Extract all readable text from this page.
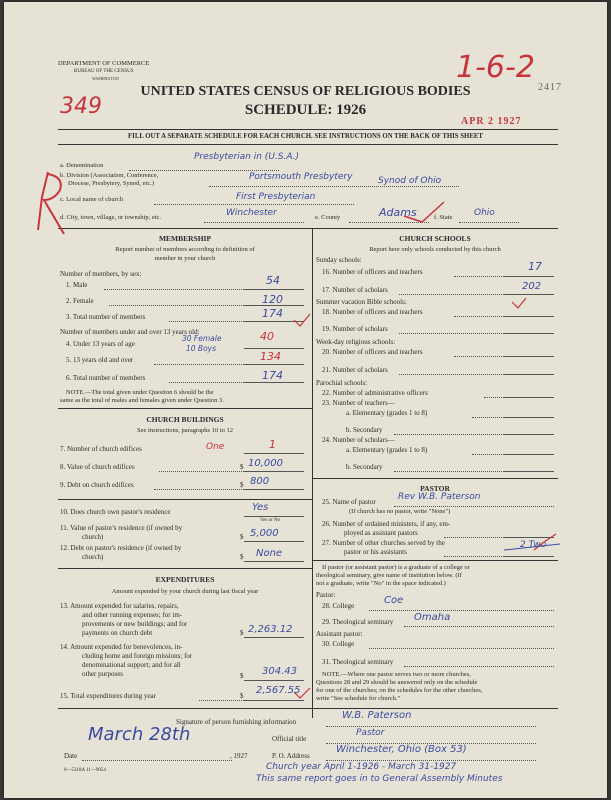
DEPARTMENT OF COMMERCE
BUREAU OF THE CENSUS
WASHINGTON
349
1-6-2
2417
UNITED STATES CENSUS OF RELIGIOUS BODIES
SCHEDULE: 1926
APR 2 1927
FILL OUT A SEPARATE SCHEDULE FOR EACH CHURCH. SEE INSTRUCTIONS ON THE BACK OF THIS SHEET
a. Denomination
Presbyterian in (U.S.A.)
b. Division (Association, Conference,
Diocese, Presbytery, Synod, etc.)
Portsmouth Presbytery	Synod of Ohio
c. Local name of church	First Presbyterian
d. City, town, village, or township, etc.	Winchester	e. County	Adams	f. State Ohio
MEMBERSHIP
Report number of members according to definition of
member in your church
Number of members, by sex:
1. Male	54
2. Female	120
3. Total number of members	174
Number of members under and over 13 years old:
4. Under 13 years of age
30 Female
10 Boys
40
5. 13 years old and over	134
6. Total number of members	174
NOTE.—The total given under Question 6 should be the
same as the total of males and females given under Question 3.
CHURCH BUILDINGS
See instructions, paragraphs 10 to 12
7. Number of church edifices	One	1
8. Value of church edifices	$ 10,000
9. Debt on church edifices	$ 800
10. Does church own pastor's residence	Yes
Yes or No
11. Value of pastor's residence (if owned by
church)	$ 5,000
12. Debt on pastor's residence (if owned by
church)	$ None
EXPENDITURES
Amount expended by your church during last fiscal year
13. Amount expended for salaries, repairs,
and other running expenses; for im-
provements or new buildings; and for
payments on church debt	$ 2,263.12
14. Amount expended for benevolences, in-
cluding home and foreign missions; for
denominational support; and for all
other purposes	$ 304.43
15. Total expenditures during year	$ 2,567.55
CHURCH SCHOOLS
Report here only schools conducted by this church
Sunday schools:
16. Number of officers and teachers	17
17. Number of scholars	202
Summer vacation Bible schools:
18. Number of officers and teachers
19. Number of scholars
Week-day religious schools:
20. Number of officers and teachers
21. Number of scholars
Parochial schools:
22. Number of administrative officers
23. Number of teachers—
a. Elementary (grades 1 to 8)
b. Secondary
24. Number of scholars—
a. Elementary (grades 1 to 8)
b. Secondary
PASTOR
25. Name of pastor Rev W.B. Paterson
(If church has no pastor, write "None")
26. Number of ordained ministers, if any, em-
ployed as assistant pastors
27. Number of other churches served by the
pastor or his assistants
2 Two
If pastor (or assistant pastor) is a graduate of a college or
theological seminary, give name of institution below. (If
not a graduate, write "No" in the space indicated.)
Pastor:
28. College	Coe
29. Theological seminary Omaha
Assistant pastor:
30. College
31. Theological seminary
NOTE.—Where one pastor serves two or more churches,
Questions 28 and 29 should be answered only on the schedule
for one of the churches; on the schedules for the other churches,
write "See schedule for church."
Signature of person furnishing information
W.B. Paterson
Official title
Pastor
Date
March 28th
, 1927	P. O. Address
Winchester, Ohio (Box 53)
Church year April 1-1926 - March 31-1927
This same report goes in to General Assembly Minutes
6—5318A 11—9054
